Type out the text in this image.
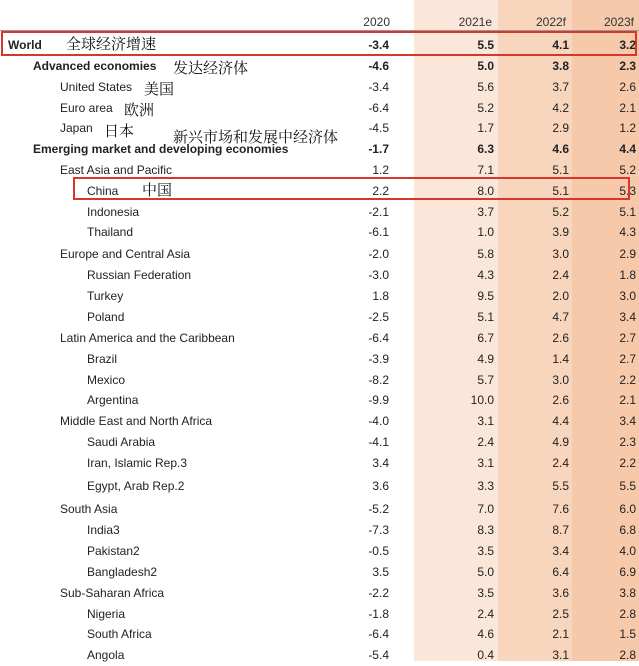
2020	2021e	2022f	2023f
World	-3.4	5.5	4.1	3.2
Advanced economies	-4.6	5.0	3.8	2.3
United States	-3.4	5.6	3.7	2.6
Euro area	-6.4	5.2	4.2	2.1
Japan	-4.5	1.7	2.9	1.2
Emerging market and developing economies	-1.7	6.3	4.6	4.4
East Asia and Pacific	1.2	7.1	5.1	5.2
China	2.2	8.0	5.1	5.3
Indonesia	-2.1	3.7	5.2	5.1
Thailand	-6.1	1.0	3.9	4.3
Europe and Central Asia	-2.0	5.8	3.0	2.9
Russian Federation	-3.0	4.3	2.4	1.8
Turkey	1.8	9.5	2.0	3.0
Poland	-2.5	5.1	4.7	3.4
Latin America and the Caribbean	-6.4	6.7	2.6	2.7
Brazil	-3.9	4.9	1.4	2.7
Mexico	-8.2	5.7	3.0	2.2
Argentina	-9.9	10.0	2.6	2.1
Middle East and North Africa	-4.0	3.1	4.4	3.4
Saudi Arabia	-4.1	2.4	4.9	2.3
Iran, Islamic Rep.3	3.4	3.1	2.4	2.2
Egypt, Arab Rep.2	3.6	3.3	5.5	5.5
South Asia	-5.2	7.0	7.6	6.0
India3	-7.3	8.3	8.7	6.8
Pakistan2	-0.5	3.5	3.4	4.0
Bangladesh2	3.5	5.0	6.4	6.9
Sub-Saharan Africa	-2.2	3.5	3.6	3.8
Nigeria	-1.8	2.4	2.5	2.8
South Africa	-6.4	4.6	2.1	1.5
Angola	-5.4	0.4	3.1	2.8
全球经济增速
发达经济体
美国
欧洲
日本	新兴市场和发展中经济体
中国
